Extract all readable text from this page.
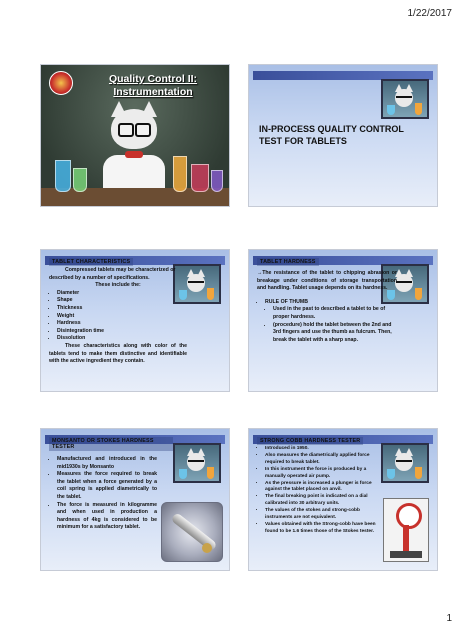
1/22/2017
Quality Control II:
Instrumentation
IN-PROCESS QUALITY CONTROL
TEST FOR TABLETS
TABLET CHARACTERISTICS
Compressed tablets may be characterized or described by a number of specifications.
These include the:
• Diameter
• Shape
• Thickness
• Weight
• Hardness
• Disintegration time
• Dissolution
These characteristics along with color of the tablets tend to make them distinctive and identifiable with the active ingredient they contain.
TABLET HARDNESS
→The resistance of the tablet to chipping abrasion or breakage under conditions of storage transportation and handling. Tablet usage depends on its hardness.
• RULE OF THUMB
• Used in the past to described a tablet to be of proper hardness.
• (procedure) hold the tablet between the 2nd and 3rd fingers and use the thumb as fulcrum. Then, break the tablet with a sharp snap.
MONSANTO OR STOKES HARDNESS TESTER
• Manufactured and introduced in the mid1930s by Monsanto
• Measures the force required to break the tablet when a force generated by a coil spring is applied diametrically to the tablet.
• The force is measured in kilogramme and when used in production a hardness of 4kg is considered to be minimum for a satisfactory tablet.
STRONG COBB HARDNESS TESTER
• Introduced in 1950.
• Also measures the diametrically applied force required to break tablet.
• In this instrument the force is produced by a manually operated air pump.
• As the pressure is increased a plunger is force against the tablet placed on anvil.
• The final breaking point is indicated on a dial calibrated into 30 arbitrary units.
• The values of the stokes and strong-cobb instruments are not equivalent.
• Values obtained with the Strong-cobb have been found to be 1.6 times those of the Stokes tester.
1
